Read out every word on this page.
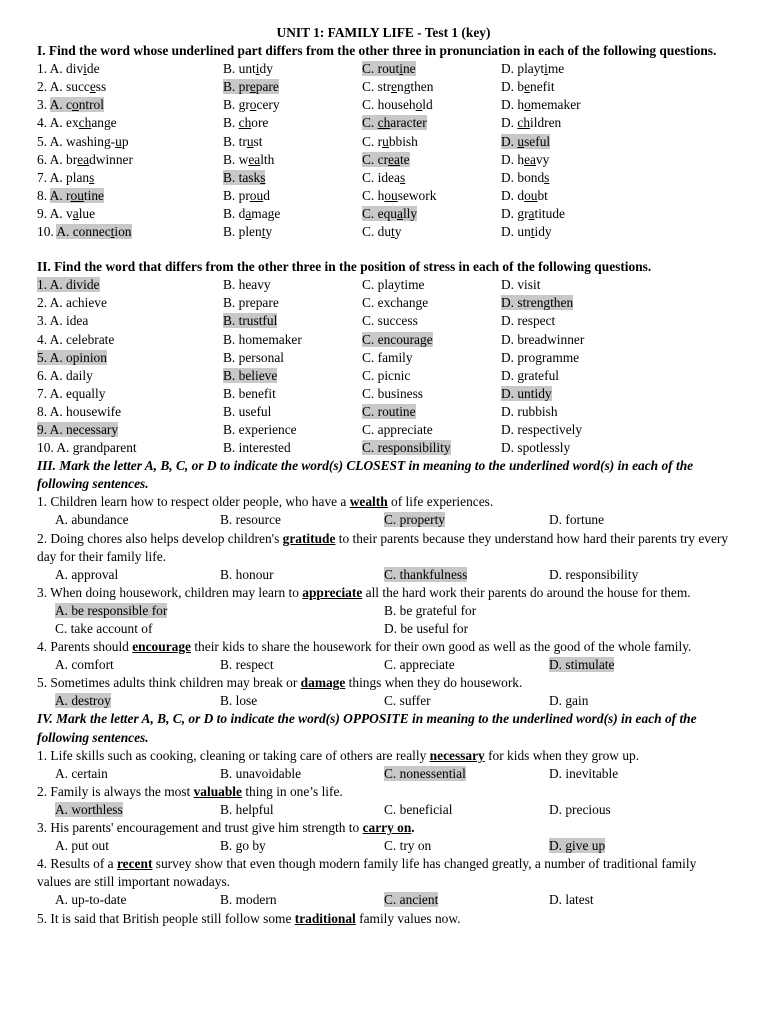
UNIT 1: FAMILY LIFE - Test 1 (key)
I. Find the word whose underlined part differs from the other three in pronunciation in each of the following questions.
1. A. divide	B. untidy	C. routine	D. playtime
2. A. success	B. prepare	C. strengthen	D. benefit
3. A. control	B. grocery	C. household	D. homemaker
4. A. exchange	B. chore	C. character	D. children
5. A. washing-up	B. trust	C. rubbish	D. useful
6. A. breadwinner	B. wealth	C. create	D. heavy
7. A. plans	B. tasks	C. ideas	D. bonds
8. A. routine	B. proud	C. housework	D. doubt
9. A. value	B. damage	C. equally	D. gratitude
10. A. connection	B. plenty	C. duty	D. untidy
II. Find the word that differs from the other three in the position of stress in each of the following questions.
1. A. divide	B. heavy	C. playtime	D. visit
2. A. achieve	B. prepare	C. exchange	D. strengthen
3. A. idea	B. trustful	C. success	D. respect
4. A. celebrate	B. homemaker	C. encourage	D. breadwinner
5. A. opinion	B. personal	C. family	D. programme
6. A. daily	B. believe	C. picnic	D. grateful
7. A. equally	B. benefit	C. business	D. untidy
8. A. housewife	B. useful	C. routine	D. rubbish
9. A. necessary	B. experience	C. appreciate	D. respectively
10. A. grandparent	B. interested	C. responsibility	D. spotlessly
III. Mark the letter A, B, C, or D to indicate the word(s) CLOSEST in meaning to the underlined word(s) in each of the following sentences.
1. Children learn how to respect older people, who have a wealth of life experiences.
A. abundance	B. resource	C. property	D. fortune
2. Doing chores also helps develop children's gratitude to their parents because they understand how hard their parents try every day for their family life.
A. approval	B. honour	C. thankfulness	D. responsibility
3. When doing housework, children may learn to appreciate all the hard work their parents do around the house for them.
A. be responsible for	B. be grateful for
C. take account of	D. be useful for
4. Parents should encourage their kids to share the housework for their own good as well as the good of the whole family.
A. comfort	B. respect	C. appreciate	D. stimulate
5. Sometimes adults think children may break or damage things when they do housework.
A. destroy	B. lose	C. suffer	D. gain
IV. Mark the letter A, B, C, or D to indicate the word(s) OPPOSITE in meaning to the underlined word(s) in each of the following sentences.
1. Life skills such as cooking, cleaning or taking care of others are really necessary for kids when they grow up.
A. certain	B. unavoidable	C. nonessential	D. inevitable
2. Family is always the most valuable thing in one’s life.
A. worthless	B. helpful	C. beneficial	D. precious
3. His parents' encouragement and trust give him strength to carry on.
A. put out	B. go by	C. try on	D. give up
4. Results of a recent survey show that even though modern family life has changed greatly, a number of traditional family values are still important nowadays.
A. up-to-date	B. modern	C. ancient	D. latest
5. It is said that British people still follow some traditional family values now.
